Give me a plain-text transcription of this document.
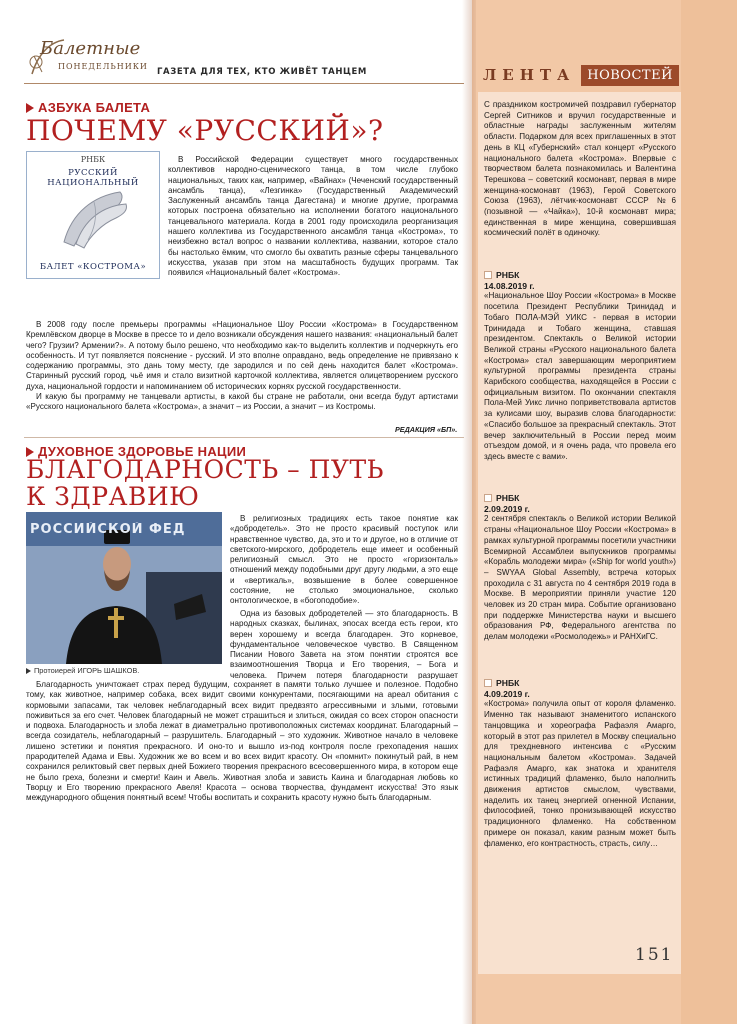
ЛЕНТА НОВОСТЕЙ
С праздником костромичей поздравил губернатор Сергей Ситников и вручил государственные и областные награды заслуженным жителям области. Подарком для всех приглашенных в этот день в КЦ «Губернский» стал концерт «Русского национального балета «Кострома». Впервые с творчеством балета познакомилась и Валентина Терешкова – советский космонавт, первая в мире женщина-космонавт (1963), Герой Советского Союза (1963), лётчик-космонавт СССР №6 (позывной — «Чайка»), 10-й космонавт мира; единственная в мире женщина, совершившая космический полёт в одиночку.
РНБК
14.08.2019 г.
«Национальное Шоу России «Кострома» в Москве посетила Президент Республики Тринидад и Тобаго ПОЛА-МЭЙ УИКС - первая в истории Тринидада и Тобаго женщина, ставшая президентом. Спектакль о Великой истории Великой страны «Русского национального балета «Кострома» стал завершающим мероприятием культурной программы президента страны Карибского сообщества, находящейся в России с официальным визитом. По окончании спектакля Пола-Мей Уикс лично поприветствовала артистов за кулисами шоу, выразив слова благодарности: «Спасибо большое за прекрасный спектакль. Этот вечер заключительный в России перед моим отъездом домой, и я очень рада, что провела его здесь вместе с вами».
РНБК
2.09.2019 г.
2 сентября спектакль о Великой истории Великой страны «Национальное Шоу России «Кострома» в рамках культурной программы посетили участники Всемирной Ассамблеи выпускников программы «Корабль молодежи мира» («Ship for world youth») – SWYAA Global Assembly, встреча которых проходила с 31 августа по 4 сентября 2019 года в Москве. В мероприятии приняли участие 120 человек из 20 стран мира. Событие организовано при поддержке Министерства науки и высшего образования РФ, Федерального агентства по делам молодежи «Росмолодежь» и РАНХиГС.
РНБК
4.09.2019 г.
«Кострома» получила опыт от короля фламенко. Именно так называют знаменитого испанского танцовщика и хореографа Рафаэля Амарго, который в этот раз прилетел в Москву специально для трехдневного интенсива с «Русским национальным балетом «Кострома». Задачей Рафаэля Амарго, как знатока и хранителя истинных традиций фламенко, было наполнить движения артистов смыслом, чувствами, наделить их танец энергией огненной Испании, философией, тонко пронизывающей искусство традиционного фламенко. На собственном примере он показал, каким разным может быть фламенко, его контрастность, страсть, силу…
151
Балетные
ПОНЕДЕЛЬНИКИ
ГАЗЕТА ДЛЯ ТЕХ, КТО ЖИВЁТ ТАНЦЕМ
АЗБУКА БАЛЕТА
ПОЧЕМУ «РУССКИЙ»?
РНБК
РУССКИЙ НАЦИОНАЛЬНЫЙ
БАЛЕТ «КОСТРОМА»

В Российской Федерации существует много государственных коллективов народно-сценического танца, в том числе глубоко национальных, таких как, например, «Вайнах» (Чеченский государственный ансамбль танца), «Лезгинка» (Государственный Академический Заслуженный ансамбль танца Дагестана) и многие другие, программа которых построена обязательно на исполнении богатого национального танцевального материала. Когда в 2001 году происходила реорганизация нашего коллектива из Государственного ансамбля танца «Кострома», то неизбежно встал вопрос о названии коллектива, названии, которое стало бы настолько ёмким, что смогло бы охватить разные сферы танцевального искусства, указав при этом на масштабность будущих программ. Так появился «Национальный балет «Кострома».

В 2008 году после премьеры программы «Национальное Шоу России «Кострома» в Государственном Кремлёвском дворце в Москве в прессе то и дело возникали обсуждения нашего названия: «национальный балет чего? Грузии? Армении?». А потому было решено, что необходимо как-то выделить коллектив и подчеркнуть его особенность. И тут появляется пояснение - русский. И это вполне оправдано, ведь определение не привязано к содержанию программы, это дань тому месту, где зародился и по сей день находится балет «Кострома». Старинный русский город, чьё имя и стало визитной карточкой коллектива, является олицетворением русского духа, национальной гордости и напоминанием об исторических корнях русской государственности.

И какую бы программу не танцевали артисты, в какой бы стране не работали, они всегда будут артистами «Русского национального балета «Кострома», а значит – из России, а значит – из Костромы.

РЕДАКЦИЯ «БП».
ДУХОВНОЕ ЗДОРОВЬЕ НАЦИИ
БЛАГОДАРНОСТЬ – ПУТЬ
К ЗДРАВИЮ
РОССИЙСКОЙ ФЕД
Протоиерей ИГОРЬ ШАШКОВ.

В религиозных традициях есть такое понятие как «добродетель». Это не просто красивый поступок или нравственное чувство, да, это и то и другое, но в отличие от светского-мирского, добродетель еще имеет и особенный религиозный смысл. Это не просто «горизонталь» отношений между подобными друг другу людьми, а это еще и «вертикаль», возвышение в более совершенное состояние, не столько эмоциональное, сколько онтологическое, в «богоподобие».

Одна из базовых добродетелей — это благодарность. В народных сказках, былинах, эпосах всегда есть герои, кто верен хорошему и всегда благодарен. Это корневое, фундаментальное человеческое чувство. В Священном Писании Нового Завета на этом понятии строятся все взаимоотношения Творца и Его творения, – Бога и человека. Причем потеря благодарности разрушает

Благодарность уничтожает страх перед будущим, сохраняет в памяти только лучшее и полезное. Подобно тому, как животное, например собака, всех видит своими конкурентами, посягающими на ареал обитания с кормовыми запасами, так человек неблагодарный всех видит предвзято агрессивными и злыми, готовыми поживиться за его счет. Человек благодарный не может страшиться и злиться, ожидая со всех сторон опасности и подвоха. Благодарность и злоба лежат в диаметрально противоположных системах координат. Благодарный – всегда созидатель, неблагодарный – разрушитель. Благодарный – это художник. Животное начало в человеке лишено эстетики и понятия прекрасного. И оно-то и вышло из-под контроля после грехопадения наших прародителей Адама и Евы. Художник же во всем и во всех видит красоту. Он «помнит» покинутый рай, в нем сохранился реликтовый свет первых дней Божиего творения прекрасного всесовершенного мира, в котором еще не было греха, болезни и смерти! Каин и Авель. Животная злоба и зависть Каина и благодарная любовь ко Творцу и Его творению прекрасного Авеля! Красота – основа творчества, фундамент искусства! Это язык международного общения понятный всем! Чтобы воспитать и сохранить красоту нужно быть благодарным.
